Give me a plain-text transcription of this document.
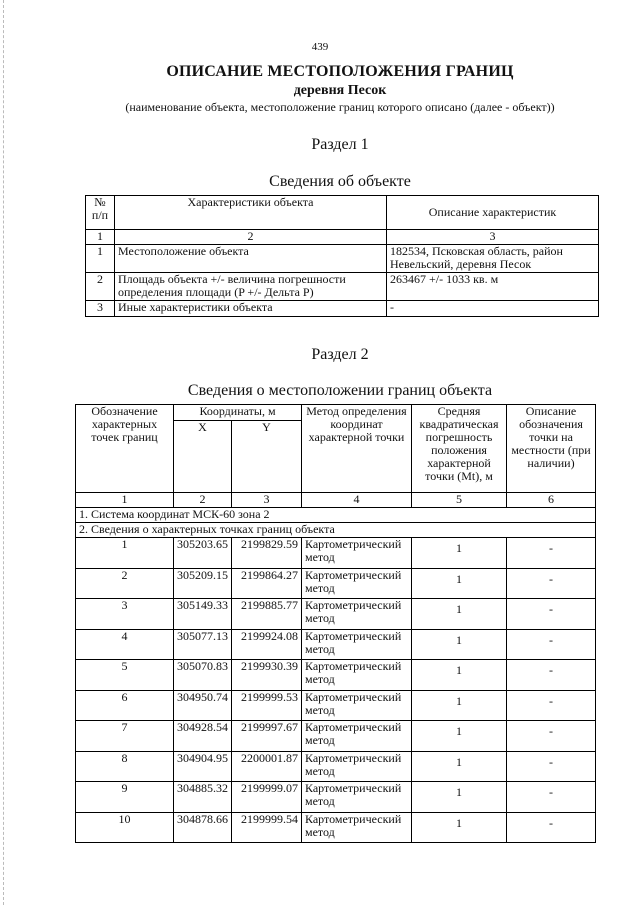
439
ОПИСАНИЕ МЕСТОПОЛОЖЕНИЯ ГРАНИЦ
деревня Песок
(наименование объекта, местоположение границ которого описано (далее - объект))
Раздел 1
Сведения об объекте
№ п/п	Характеристики объекта	Описание характеристик
1	2	3
1	Местоположение объекта	182534, Псковская область, район Невельский, деревня Песок
2	Площадь объекта +/- величина погрешности определения площади (P +/- Дельта P)	263467 +/- 1033 кв. м
3	Иные характеристики объекта	-
Раздел 2
Сведения о местоположении границ объекта
Обозначение характерных точек границ	Координаты, м		Метод определения координат характерной точки	Средняя квадратическая погрешность положения характерной точки (Mt), м	Описание обозначения точки на местности (при наличии)
	X	Y			
1	2	3	4	5	6
1. Система координат МСК-60 зона 2					
2. Сведения о характерных точках границ объекта					
1	305203.65	2199829.59	Картометрический метод	1	-
2	305209.15	2199864.27	Картометрический метод	1	-
3	305149.33	2199885.77	Картометрический метод	1	-
4	305077.13	2199924.08	Картометрический метод	1	-
5	305070.83	2199930.39	Картометрический метод	1	-
6	304950.74	2199999.53	Картометрический метод	1	-
7	304928.54	2199997.67	Картометрический метод	1	-
8	304904.95	2200001.87	Картометрический метод	1	-
9	304885.32	2199999.07	Картометрический метод	1	-
10	304878.66	2199999.54	Картометрический метод	1	-
